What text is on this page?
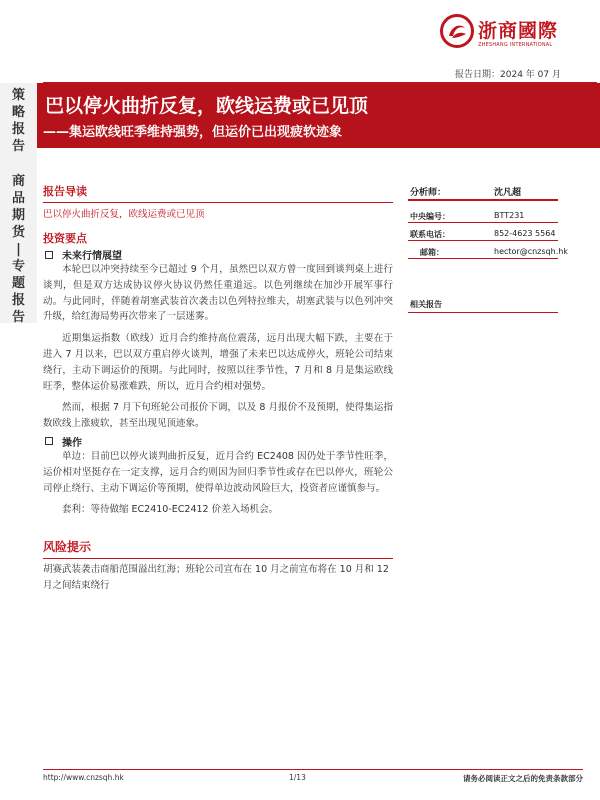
策
略
报
告
商
品
期
货
|
专
题
报
告
浙商國際
ZHESHANG INTERNATIONAL
报告日期：2024 年 07 月
巴以停火曲折反复，欧线运费或已见顶
——集运欧线旺季维持强势，但运价已出现疲软迹象
报告导读
巴以停火曲折反复，欧线运费或已见顶
投资要点
未来行情展望

本轮巴以冲突持续至今已超过 9 个月，虽然巴以双方曾一度回到谈判桌上进行谈判，但是双方达成协议停火协议仍然任重道远。以色列继续在加沙开展军事行动。与此同时，伴随着胡塞武装首次袭击以色列特拉维夫，胡塞武装与以色列冲突升级，给红海局势再次带来了一层迷雾。

近期集运指数（欧线）近月合约维持高位震荡，远月出现大幅下跌，主要在于进入 7 月以来，巴以双方重启停火谈判，增强了未来巴以达成停火，班轮公司结束绕行，主动下调运价的预期。与此同时，按照以往季节性，7 月和 8 月是集运欧线旺季，整体运价易涨难跌，所以，近月合约相对强势。

然而，根据 7 月下旬班轮公司报价下调，以及 8 月报价不及预期，使得集运指数欧线上涨疲软，甚至出现见顶迹象。

操作

单边：目前巴以停火谈判曲折反复，近月合约 EC2408 因仍处于季节性旺季，运价相对坚挺存在一定支撑，远月合约则因为回归季节性或存在巴以停火，班轮公司停止绕行、主动下调运价等预期，使得单边波动风险巨大，投资者应谨慎参与。

套利：等待做缩 EC2410-EC2412 价差入场机会。

风险提示

胡赛武装袭击商船范围溢出红海；班轮公司宣布在 10 月之前宣布将在 10 月和 12 月之间结束绕行

分析师：	沈凡超
中央编号：	BTT231
联系电话：	852-4623 5564
邮箱：	hector@cnzsqh.hk
相关报告
http://www.cnzsqh.hk	1/13	请务必阅读正文之后的免责条款部分
